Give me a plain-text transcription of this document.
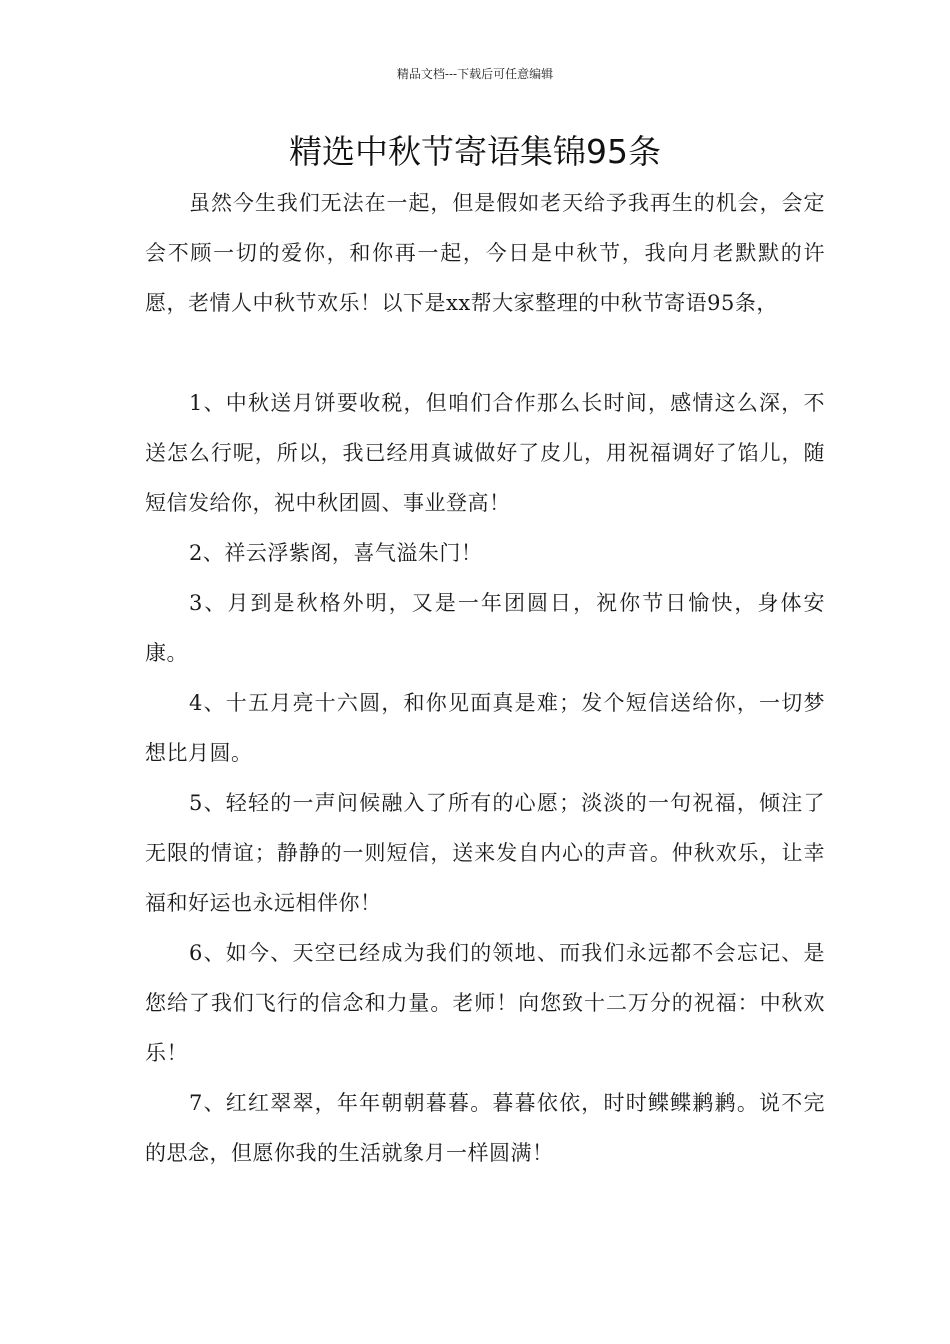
精品文档---下载后可任意编辑
精选中秋节寄语集锦95条

虽然今生我们无法在一起，但是假如老天给予我再生的机会，会定会不顾一切的爱你，和你再一起，今日是中秋节，我向月老默默的许愿，老情人中秋节欢乐！以下是xx帮大家整理的中秋节寄语95条，

1、中秋送月饼要收税，但咱们合作那么长时间，感情这么深，不送怎么行呢，所以，我已经用真诚做好了皮儿，用祝福调好了馅儿，随短信发给你，祝中秋团圆、事业登高！

2、祥云浮紫阁，喜气溢朱门！

3、月到是秋格外明，又是一年团圆日，祝你节日愉快，身体安康。

4、十五月亮十六圆，和你见面真是难；发个短信送给你，一切梦想比月圆。

5、轻轻的一声问候融入了所有的心愿；淡淡的一句祝福，倾注了无限的情谊；静静的一则短信，送来发自内心的声音。仲秋欢乐，让幸福和好运也永远相伴你！

6、如今、天空已经成为我们的领地、而我们永远都不会忘记、是您给了我们飞行的信念和力量。老师！向您致十二万分的祝福：中秋欢乐！

7、红红翠翠，年年朝朝暮暮。暮暮依依，时时鲽鲽鹣鹣。说不完的思念，但愿你我的生活就象月一样圆满！
